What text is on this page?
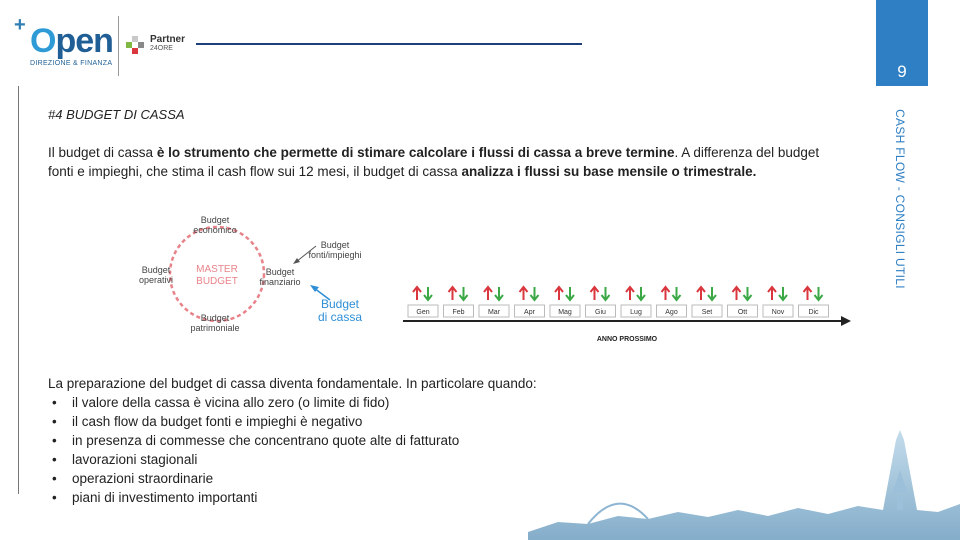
+ Open
DIREZIONE & FINANZA
Partner
24ORE
9
CASH FLOW - CONSIGLI UTILI
#4 BUDGET DI CASSA
Il budget di cassa è lo strumento che permette di stimare calcolare i flussi di cassa a breve termine. A differenza del budget fonti e impieghi, che stima il cash flow sui 12 mesi, il budget di cassa analizza i flussi su base mensile o trimestrale.
MASTER
BUDGET
Budget
economico
Budget
operativi
Budget
finanziario
Budget
patrimoniale
Budget
fonti/impieghi
Budget
di cassa	Gen	Feb	Mar	Apr	Mag	Giu	Lug	Ago	Set	Ott	Nov	Dic
ANNO PROSSIMO
La preparazione del budget di cassa diventa fondamentale. In particolare quando:
• il valore della cassa è vicina allo zero (o limite di fido)
• il cash flow da budget fonti e impieghi è negativo
• in presenza di commesse che concentrano quote alte di fatturato
• lavorazioni stagionali
• operazioni straordinarie
• piani di investimento importanti
